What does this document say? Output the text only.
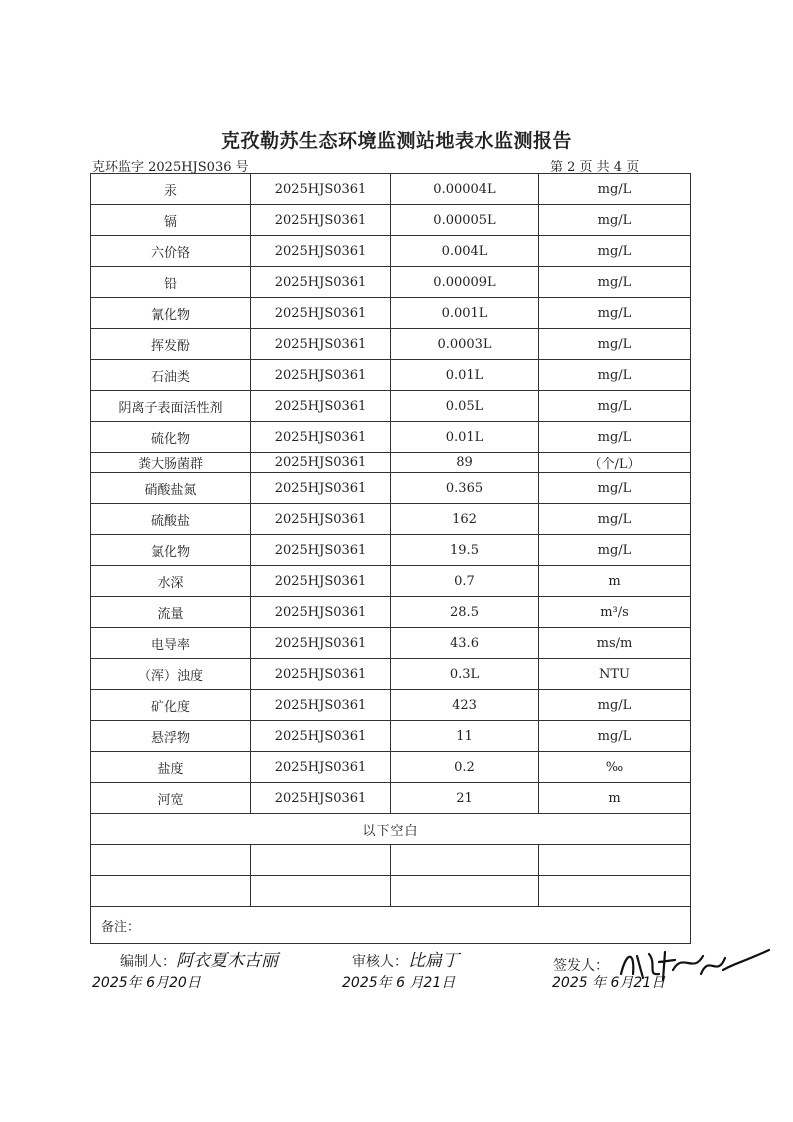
克孜勒苏生态环境监测站地表水监测报告
克环监字 2025HJS036 号	第 2 页 共 4 页
汞	2025HJS0361	0.00004L	mg/L
镉	2025HJS0361	0.00005L	mg/L
六价铬	2025HJS0361	0.004L	mg/L
铅	2025HJS0361	0.00009L	mg/L
氰化物	2025HJS0361	0.001L	mg/L
挥发酚	2025HJS0361	0.0003L	mg/L
石油类	2025HJS0361	0.01L	mg/L
阴离子表面活性剂	2025HJS0361	0.05L	mg/L
硫化物	2025HJS0361	0.01L	mg/L
粪大肠菌群	2025HJS0361	89	（个/L）
硝酸盐氮	2025HJS0361	0.365	mg/L
硫酸盐	2025HJS0361	162	mg/L
氯化物	2025HJS0361	19.5	mg/L
水深	2025HJS0361	0.7	m
流量	2025HJS0361	28.5	m³/s
电导率	2025HJS0361	43.6	ms/m
（浑）浊度	2025HJS0361	0.3L	NTU
矿化度	2025HJS0361	423	mg/L
悬浮物	2025HJS0361	11	mg/L
盐度	2025HJS0361	0.2	‰
河宽	2025HJS0361	21	m
以下空白			

备注：			
编制人：阿衣夏木古丽	审核人：比扁丁	签发人：
2025年 6月20日	2025年 6 月21日	2025 年 6月21日
